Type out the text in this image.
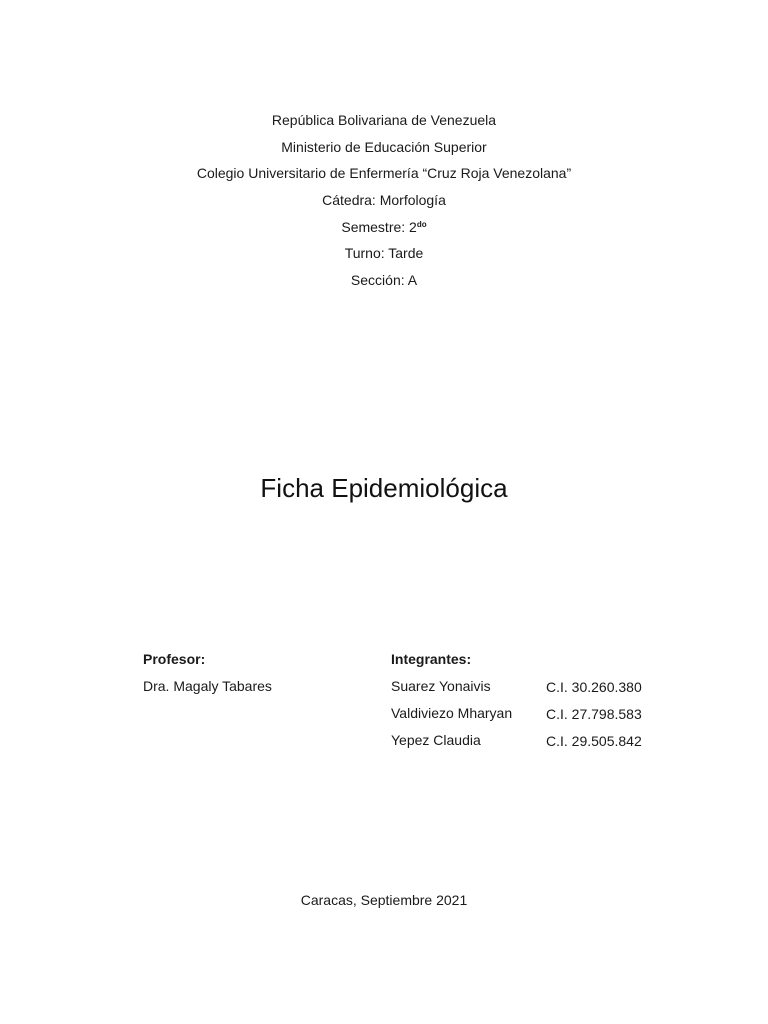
República Bolivariana de Venezuela
Ministerio de Educación Superior
Colegio Universitario de Enfermería “Cruz Roja Venezolana”
Cátedra: Morfología
Semestre: $2^{do}$
Turno: Tarde
Sección: A
Ficha Epidemiológica
Profesor:
Dra. Magaly Tabares
Integrantes:
Suarez Yonaivis	C.I. 30.260.380
Valdiviezo Mharyan C.I. 27.798.583
Yepez Claudia	C.I. 29.505.842
Caracas, Septiembre 2021
